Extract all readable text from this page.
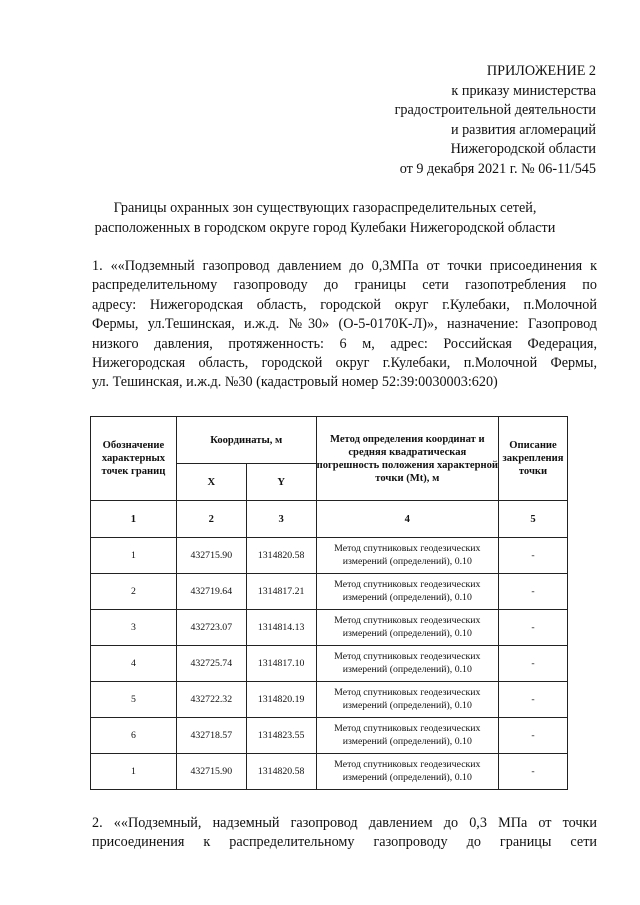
ПРИЛОЖЕНИЕ 2
к приказу министерства
градостроительной деятельности
и развития агломераций
Нижегородской области
от 9 декабря 2021 г. № 06-11/545
Границы охранных зон существующих газораспределительных сетей,
расположенных в городском округе город Кулебаки Нижегородской области
1. ««Подземный газопровод давлением до 0,3МПа от точки присоединения к
распределительному газопроводу до границы сети газопотребления по
адресу: Нижегородская область, городской округ г.Кулебаки, п.Молочной
Фермы, ул.Тешинская, и.ж.д. №30» (О-5-0170К-Л)», назначение: Газопровод
низкого давления, протяженность: 6 м, адрес: Российская Федерация,
Нижегородская область, городской округ г.Кулебаки, п.Молочной Фермы,
ул. Тешинская, и.ж.д. №30 (кадастровый номер 52:39:0030003:620)
Обозначение характерных точек границ	Координаты, м		Метод определения координат и средняя квадратическая погрешность положения характерной точки (Mt), м	Описание закрепления точки
	X	Y		
1	2	3	4	5
1	432715.90	1314820.58	Метод спутниковых геодезических
измерений (определений), 0.10	-
2	432719.64	1314817.21	Метод спутниковых геодезических
измерений (определений), 0.10	-
3	432723.07	1314814.13	Метод спутниковых геодезических
измерений (определений), 0.10	-
4	432725.74	1314817.10	Метод спутниковых геодезических
измерений (определений), 0.10	-
5	432722.32	1314820.19	Метод спутниковых геодезических
измерений (определений), 0.10	-
6	432718.57	1314823.55	Метод спутниковых геодезических
измерений (определений), 0.10	-
1	432715.90	1314820.58	Метод спутниковых геодезических
измерений (определений), 0.10	-
2. ««Подземный, надземный газопровод давлением до 0,3 МПа от точки
присоединения к распределительному газопроводу до границы сети
